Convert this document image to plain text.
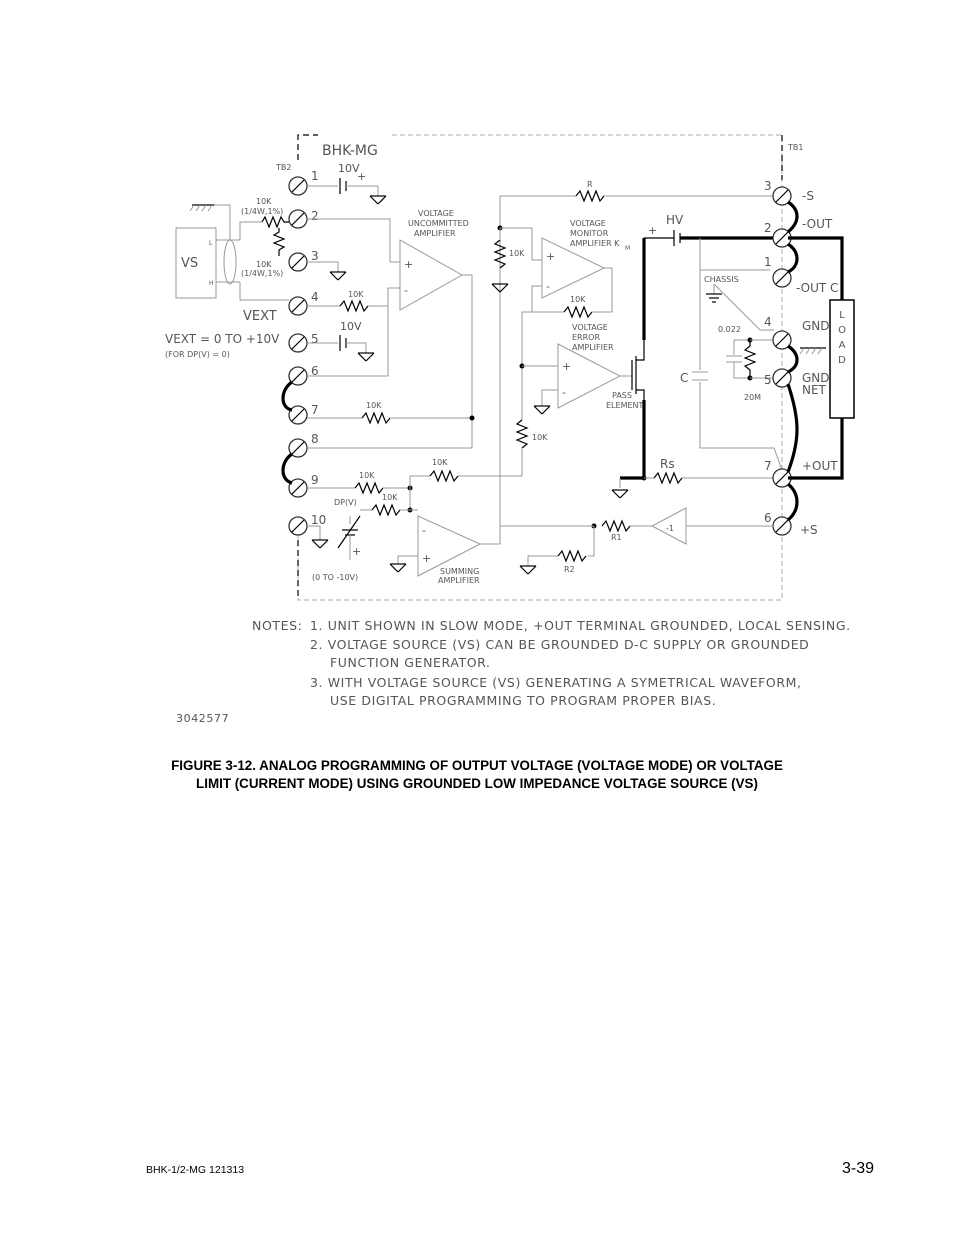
BHK-MG
TB2
TB1
1
2
3
4
5
6
7
8
9
10
10V
+
VS
L
H
10K
(1/4W,1%)
10K
(1/4W,1%)
VEXT
VEXT = 0 TO +10V
(FOR DP(V) = 0)
10V
+
-
VOLTAGE
UNCOMMITTED
AMPLIFIER
10K
10K
10K
10K
10K
DP(V)
+
(0 TO -10V)
-
+
SUMMING
AMPLIFIER
R
10K +
-
VOLTAGE
MONITOR
AMPLIFIER K
M
10K
+
-
VOLTAGE
ERROR
AMPLIFIER
PASS
ELEMENT
10K
HV
+
Rs
CHASSIS
C
0.022
20M
3
2
1
4
5
7
6
-S
-OUT
-OUT C
GND
GND
NET
+OUT
+S
L O A D
-1
R1
R2
NOTES: 1. UNIT SHOWN IN SLOW MODE, +OUT TERMINAL GROUNDED, LOCAL SENSING.
2. VOLTAGE SOURCE (VS) CAN BE GROUNDED D-C SUPPLY OR GROUNDED
FUNCTION GENERATOR.
3. WITH VOLTAGE SOURCE (VS) GENERATING A SYMETRICAL WAVEFORM,
USE DIGITAL PROGRAMMING TO PROGRAM PROPER BIAS.
3042577
FIGURE 3-12. ANALOG PROGRAMMING OF OUTPUT VOLTAGE (VOLTAGE MODE) OR VOLTAGE
LIMIT (CURRENT MODE) USING GROUNDED LOW IMPEDANCE VOLTAGE SOURCE (VS)
BHK-1/2-MG 121313	3-39
